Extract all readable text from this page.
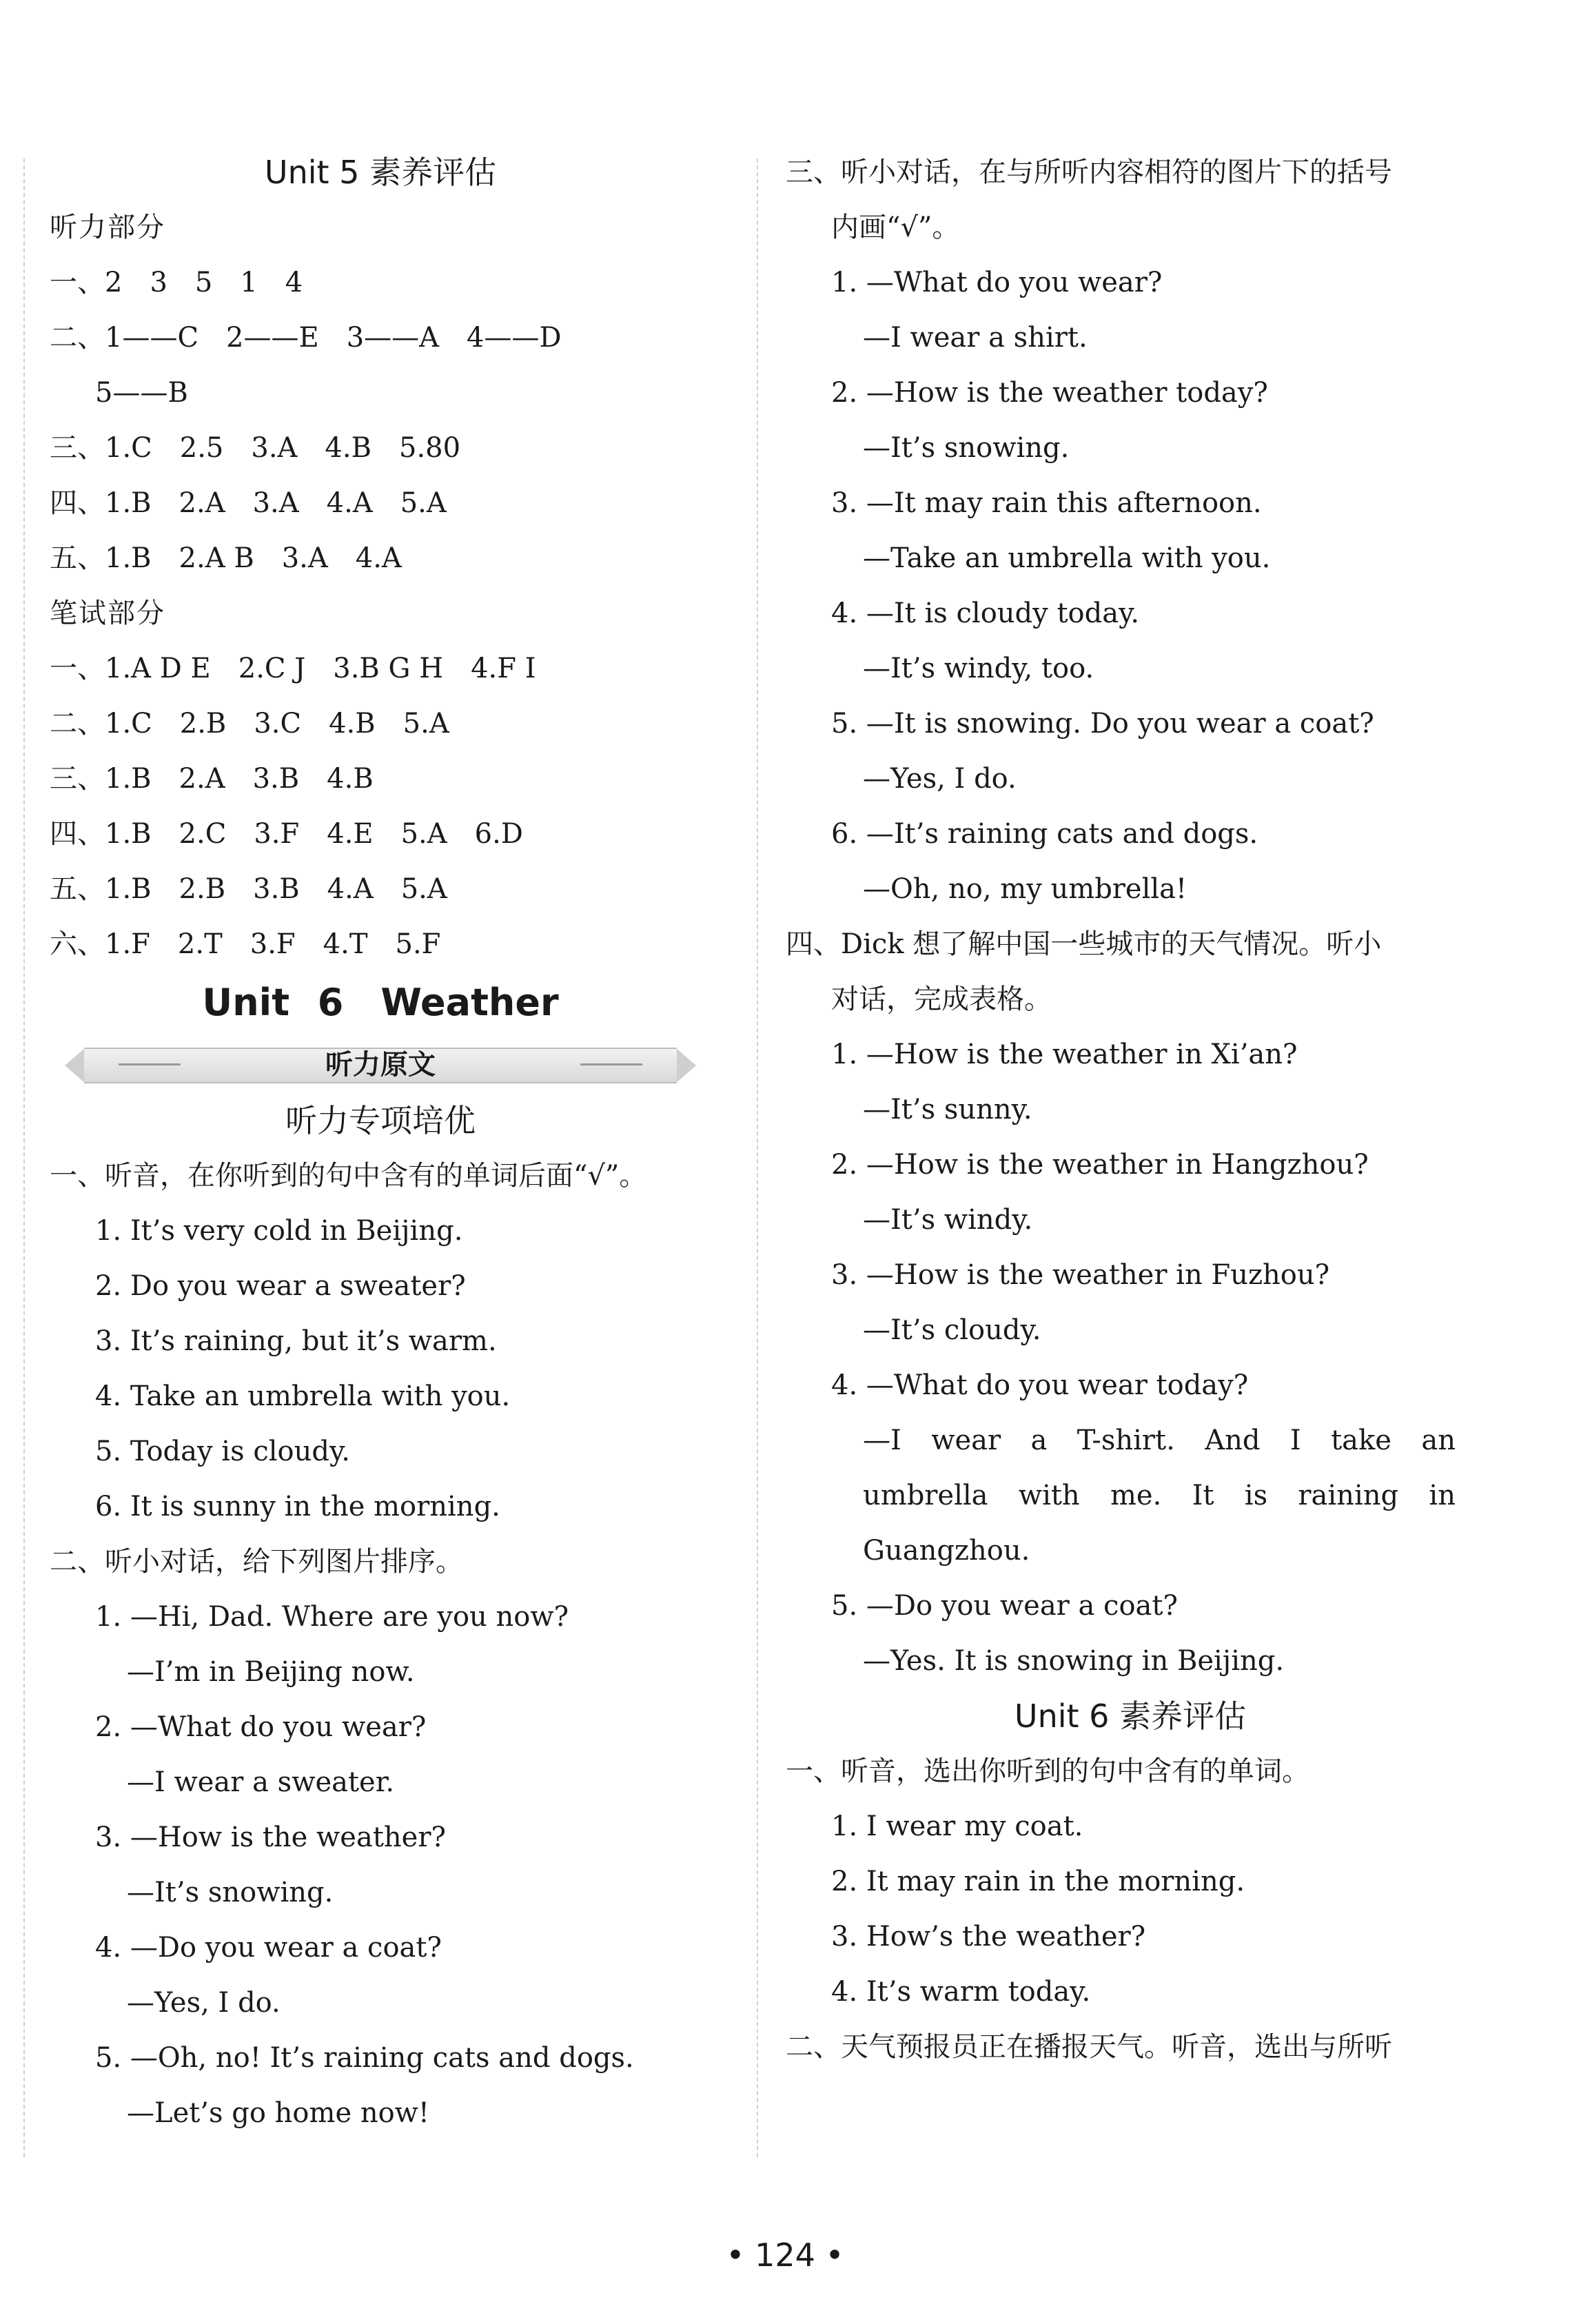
Unit 5 素养评估
听力部分
一、2　3　5　1　4
二、1——C　2——E　3——A　4——D
5——B
三、1.C　2.5　3.A　4.B　5.80
四、1.B　2.A　3.A　4.A　5.A
五、1.B　2.A B　3.A　4.A
笔试部分
一、1.A D E　2.C J　3.B G H　4.F I
二、1.C　2.B　3.C　4.B　5.A
三、1.B　2.A　3.B　4.B
四、1.B　2.C　3.F　4.E　5.A　6.D
五、1.B　2.B　3.B　4.A　5.A
六、1.F　2.T　3.F　4.T　5.F
Unit 6　Weather
听力原文
听力专项培优
一、听音，在你听到的句中含有的单词后面“√”。
1. It’s very cold in Beijing.
2. Do you wear a sweater?
3. It’s raining, but it’s warm.
4. Take an umbrella with you.
5. Today is cloudy.
6. It is sunny in the morning.
二、听小对话，给下列图片排序。
1. —Hi, Dad. Where are you now?
—I’m in Beijing now.
2. —What do you wear?
—I wear a sweater.
3. —How is the weather?
—It’s snowing.
4. —Do you wear a coat?
—Yes, I do.
5. —Oh, no! It’s raining cats and dogs.
—Let’s go home now!
三、听小对话，在与所听内容相符的图片下的括号
内画“√”。
1. —What do you wear?
—I wear a shirt.
2. —How is the weather today?
—It’s snowing.
3. —It may rain this afternoon.
—Take an umbrella with you.
4. —It is cloudy today.
—It’s windy, too.
5. —It is snowing. Do you wear a coat?
—Yes, I do.
6. —It’s raining cats and dogs.
—Oh, no, my umbrella!
四、Dick 想了解中国一些城市的天气情况。听小
对话，完成表格。
1. —How is the weather in Xi’an?
—It’s sunny.
2. —How is the weather in Hangzhou?
—It’s windy.
3. —How is the weather in Fuzhou?
—It’s cloudy.
4. —What do you wear today?
—I wear a T-shirt. And I take an
umbrella with me. It is raining in
Guangzhou.
5. —Do you wear a coat?
—Yes. It is snowing in Beijing.
Unit 6 素养评估
一、听音，选出你听到的句中含有的单词。
1. I wear my coat.
2. It may rain in the morning.
3. How’s the weather?
4. It’s warm today.
二、天气预报员正在播报天气。听音，选出与所听
• 124 •
